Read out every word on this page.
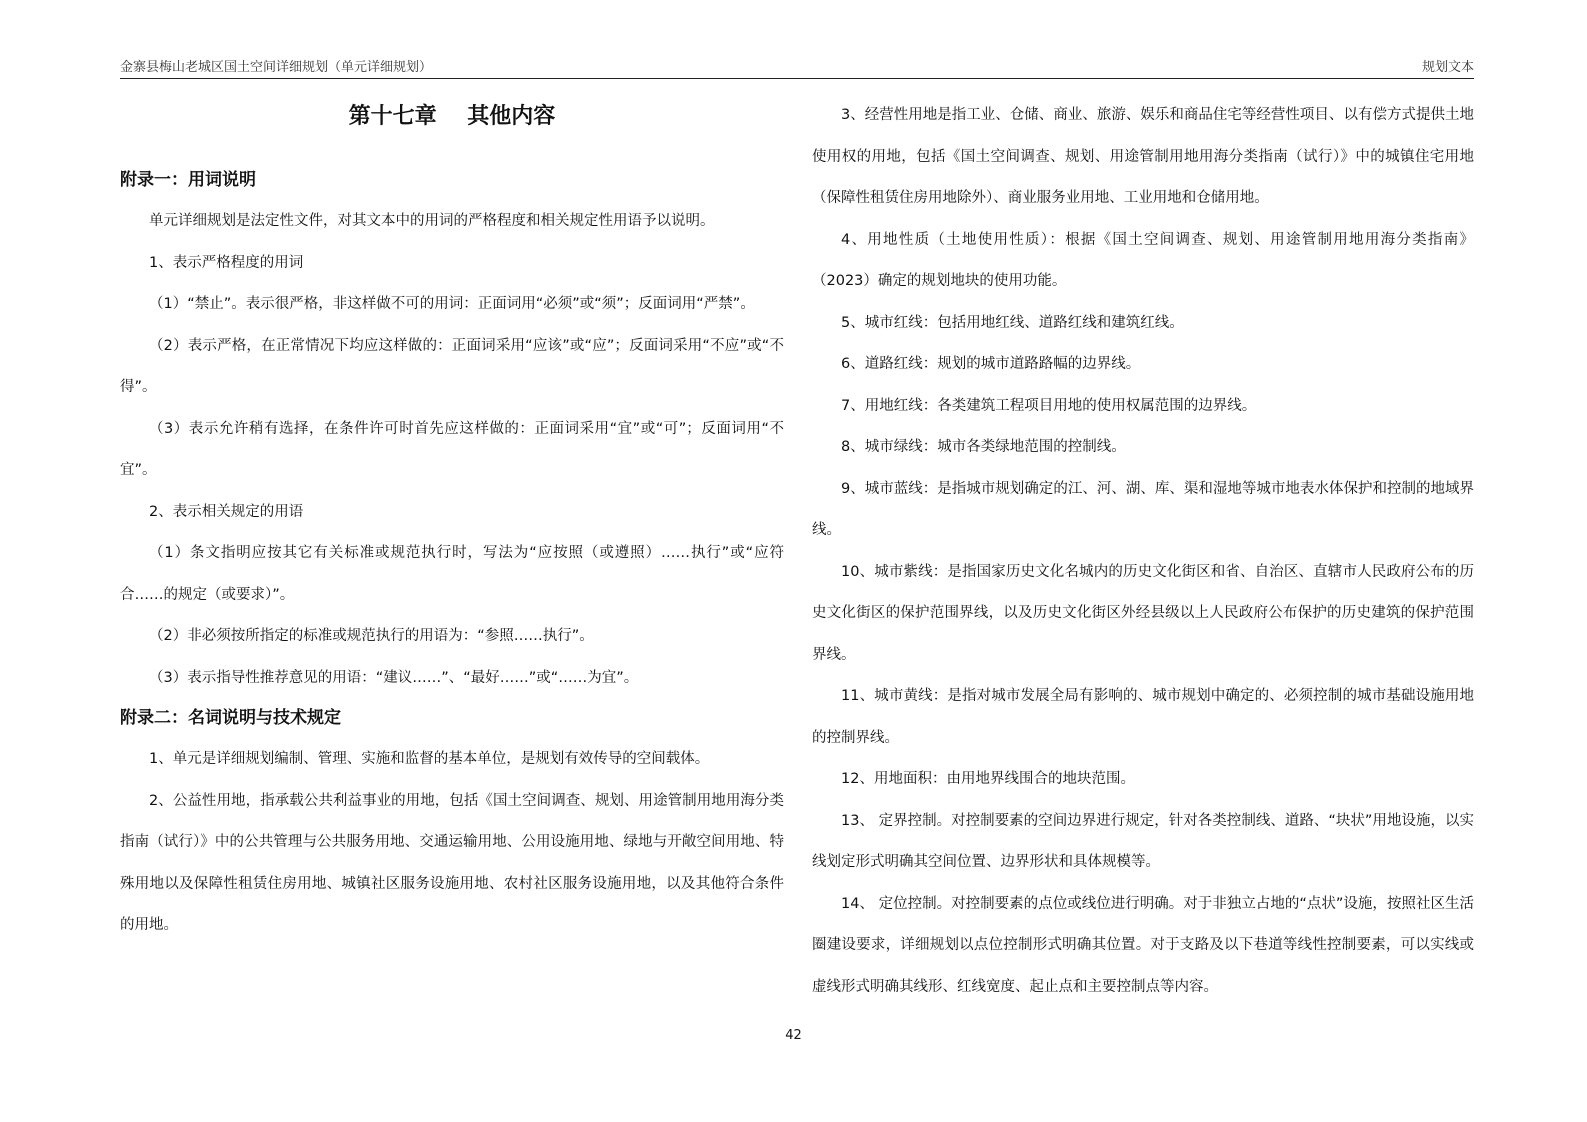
金寨县梅山老城区国土空间详细规划（单元详细规划）	规划文本
第十七章    其他内容
附录一：用词说明

单元详细规划是法定性文件，对其文本中的用词的严格程度和相关规定性用语予以说明。

1、表示严格程度的用词

（1）“禁止”。表示很严格，非这样做不可的用词：正面词用“必须”或“须”；反面词用“严禁”。

（2）表示严格，在正常情况下均应这样做的：正面词采用“应该”或“应”；反面词采用“不应”或“不得”。

（3）表示允许稍有选择，在条件许可时首先应这样做的：正面词采用“宜”或“可”；反面词用“不宜”。

2、表示相关规定的用语

（1）条文指明应按其它有关标准或规范执行时，写法为“应按照（或遵照）……执行”或“应符合……的规定（或要求）”。

（2）非必须按所指定的标准或规范执行的用语为：“参照……执行”。

（3）表示指导性推荐意见的用语：“建议……”、“最好……”或“……为宜”。

附录二：名词说明与技术规定

1、单元是详细规划编制、管理、实施和监督的基本单位，是规划有效传导的空间载体。

2、公益性用地，指承载公共利益事业的用地，包括《国土空间调查、规划、用途管制用地用海分类指南（试行）》中的公共管理与公共服务用地、交通运输用地、公用设施用地、绿地与开敞空间用地、特殊用地以及保障性租赁住房用地、城镇社区服务设施用地、农村社区服务设施用地，以及其他符合条件的用地。

3、经营性用地是指工业、仓储、商业、旅游、娱乐和商品住宅等经营性项目、以有偿方式提供土地使用权的用地，包括《国土空间调查、规划、用途管制用地用海分类指南（试行）》中的城镇住宅用地（保障性租赁住房用地除外）、商业服务业用地、工业用地和仓储用地。

4、用地性质（土地使用性质）：根据《国土空间调查、规划、用途管制用地用海分类指南》（2023）确定的规划地块的使用功能。

5、城市红线：包括用地红线、道路红线和建筑红线。

6、道路红线：规划的城市道路路幅的边界线。

7、用地红线：各类建筑工程项目用地的使用权属范围的边界线。

8、城市绿线：城市各类绿地范围的控制线。

9、城市蓝线：是指城市规划确定的江、河、湖、库、渠和湿地等城市地表水体保护和控制的地域界线。

10、城市紫线：是指国家历史文化名城内的历史文化街区和省、自治区、直辖市人民政府公布的历史文化街区的保护范围界线，以及历史文化街区外经县级以上人民政府公布保护的历史建筑的保护范围界线。

11、城市黄线：是指对城市发展全局有影响的、城市规划中确定的、必须控制的城市基础设施用地的控制界线。

12、用地面积：由用地界线围合的地块范围。

13、 定界控制。对控制要素的空间边界进行规定，针对各类控制线、道路、“块状”用地设施，以实线划定形式明确其空间位置、边界形状和具体规模等。

14、 定位控制。对控制要素的点位或线位进行明确。对于非独立占地的“点状”设施，按照社区生活圈建设要求，详细规划以点位控制形式明确其位置。对于支路及以下巷道等线性控制要素，可以实线或虚线形式明确其线形、红线宽度、起止点和主要控制点等内容。

42
